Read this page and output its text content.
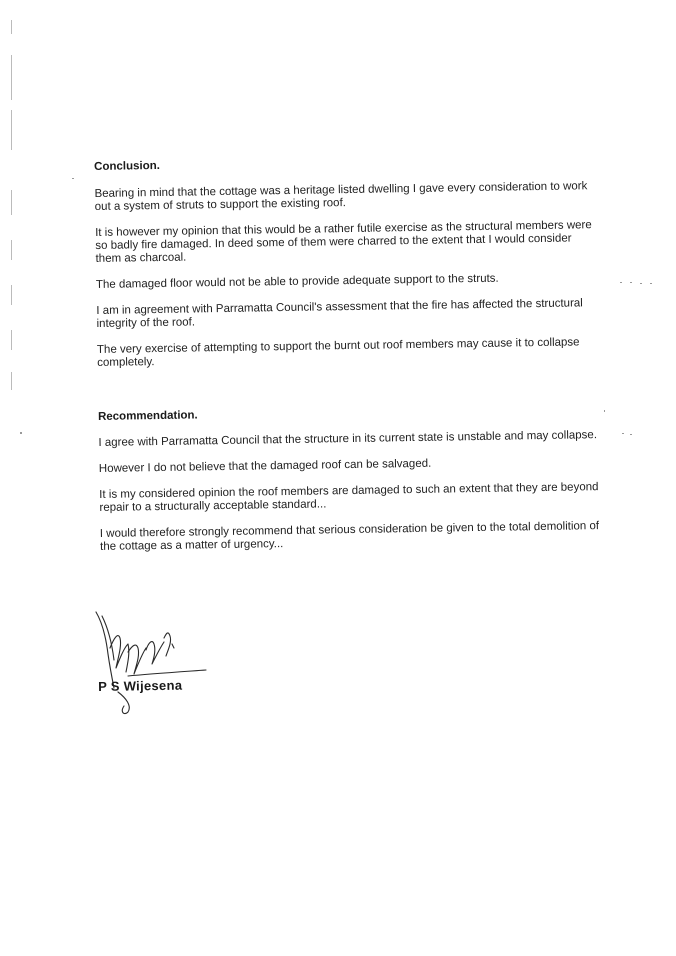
Conclusion.

Bearing in mind that the cottage was a heritage listed dwelling I gave every consideration to work out a system of struts to support the existing roof.

It is however my opinion that this would be a rather futile exercise as the structural members were so badly fire damaged. In deed some of them were charred to the extent that I would consider them as charcoal.

The damaged floor would not be able to provide adequate support to the struts.

I am in agreement with Parramatta Council's assessment that the fire has affected the structural integrity of the roof.

The very exercise of attempting to support the burnt out roof members may cause it to collapse completely.

Recommendation.

I agree with Parramatta Council that the structure in its current state is unstable and may collapse.

However I do not believe that the damaged roof can be salvaged.

It is my considered opinion the roof members are damaged to such an extent that they are beyond repair to a structurally acceptable standard...

I would therefore strongly recommend that serious consideration be given to the total demolition of the cottage as a matter of urgency...

P S Wijesena
